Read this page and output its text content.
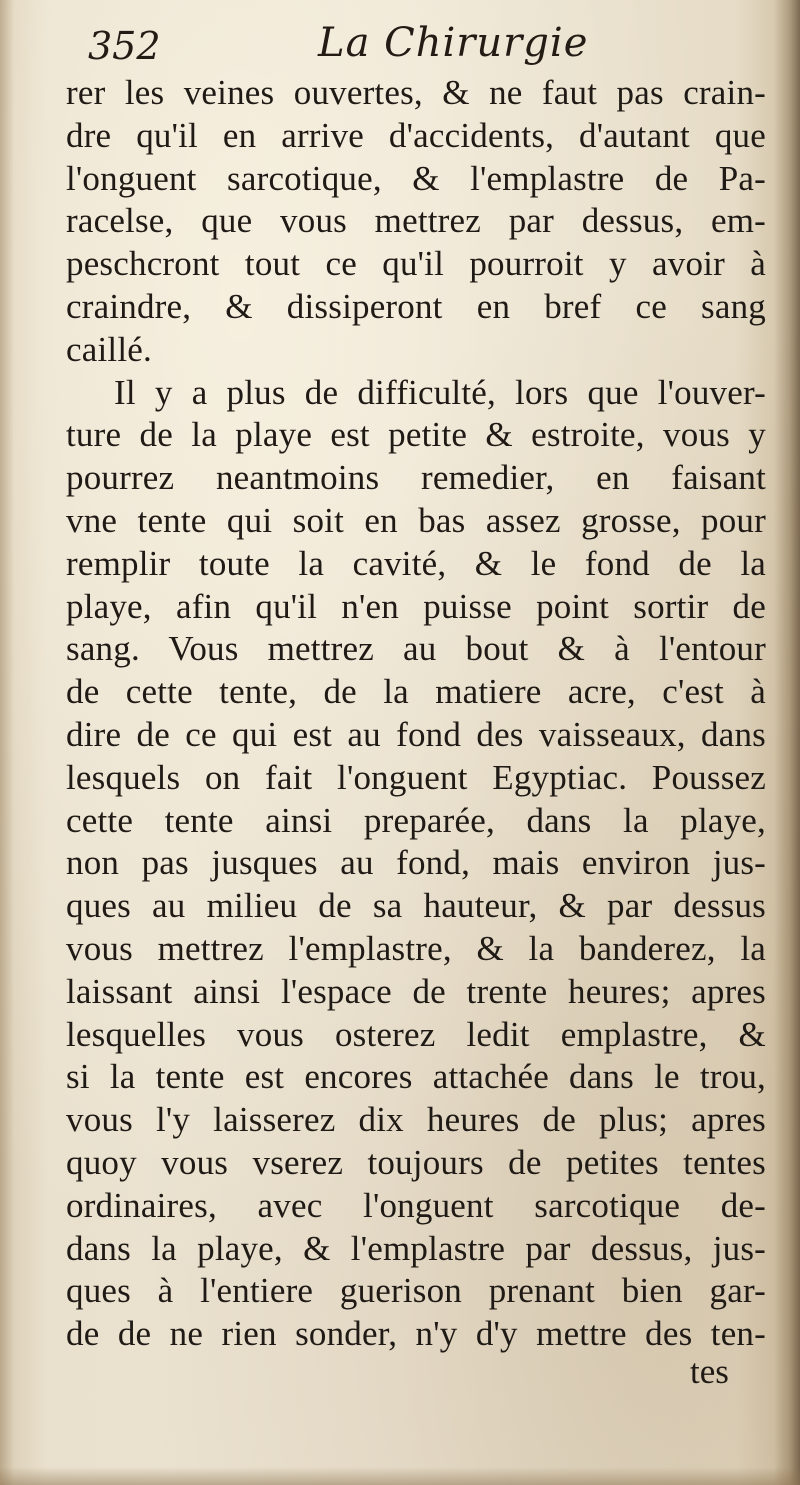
352	La Chirurgie
rer les veines ouvertes, & ne faut pas crain-
dre qu'il en arrive d'accidents, d'autant que
l'onguent sarcotique, & l'emplastre de Pa-
racelse, que vous mettrez par dessus, em-
peschcront tout ce qu'il pourroit y avoir à
craindre, & dissiperont en bref ce sang
caillé.
Il y a plus de difficulté, lors que l'ouver-
ture de la playe est petite & estroite, vous y
pourrez neantmoins remedier, en faisant
vne tente qui soit en bas assez grosse, pour
remplir toute la cavité, & le fond de la
playe, afin qu'il n'en puisse point sortir de
sang. Vous mettrez au bout & à l'entour
de cette tente, de la matiere acre, c'est à
dire de ce qui est au fond des vaisseaux, dans
lesquels on fait l'onguent Egyptiac. Poussez
cette tente ainsi preparée, dans la playe,
non pas jusques au fond, mais environ jus-
ques au milieu de sa hauteur, & par dessus
vous mettrez l'emplastre, & la banderez, la
laissant ainsi l'espace de trente heures; apres
lesquelles vous osterez ledit emplastre, &
si la tente est encores attachée dans le trou,
vous l'y laisserez dix heures de plus; apres
quoy vous vserez toujours de petites tentes
ordinaires, avec l'onguent sarcotique de-
dans la playe, & l'emplastre par dessus, jus-
ques à l'entiere guerison prenant bien gar-
de de ne rien sonder, n'y d'y mettre des ten-
tes
